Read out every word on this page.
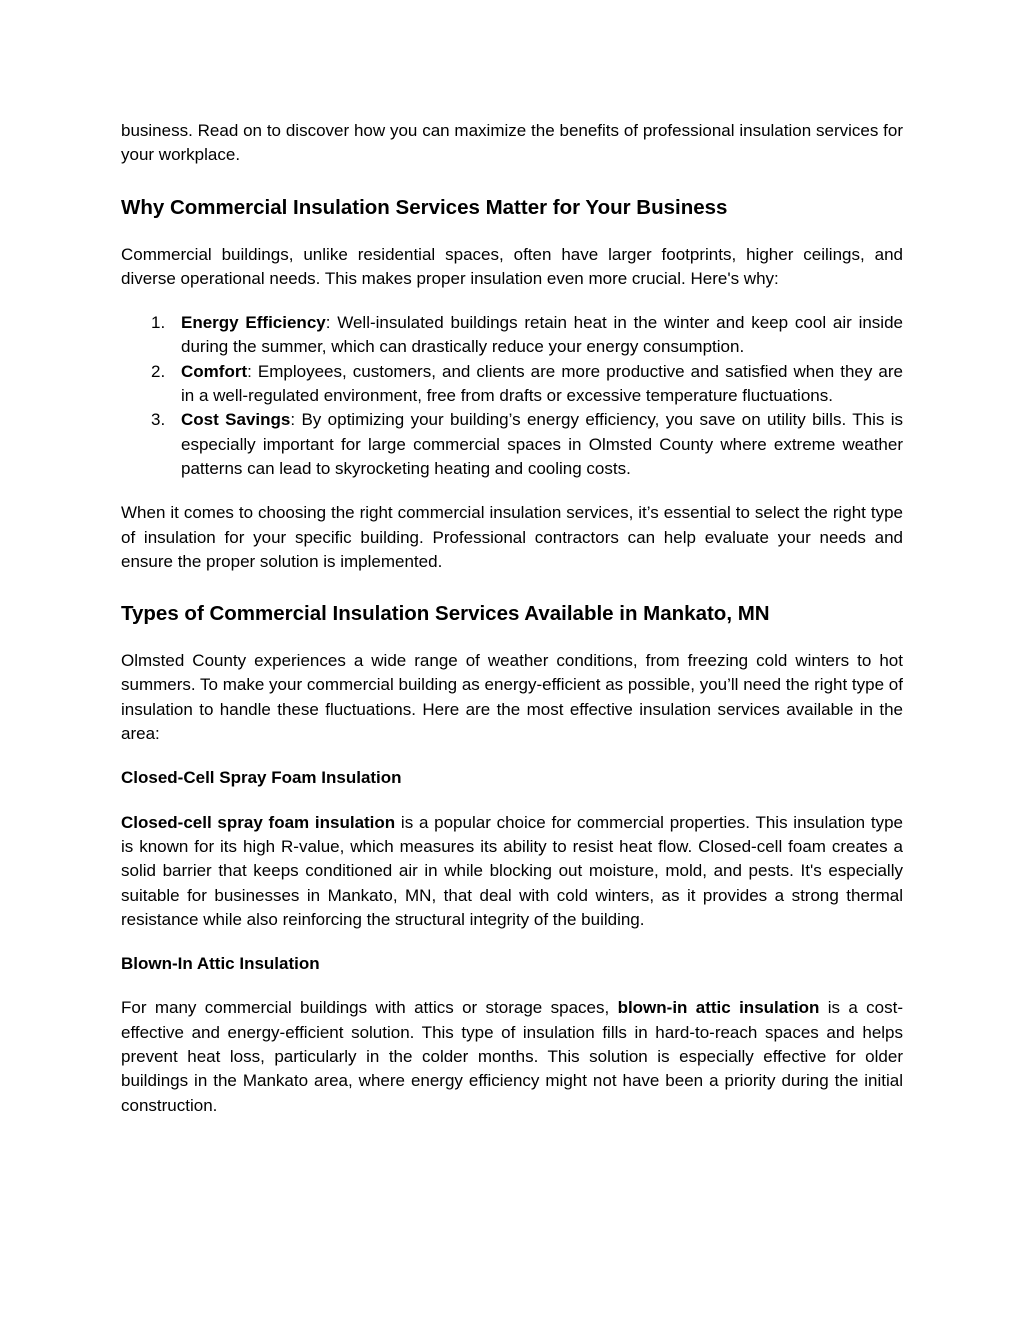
business. Read on to discover how you can maximize the benefits of professional insulation services for your workplace.

Why Commercial Insulation Services Matter for Your Business

Commercial buildings, unlike residential spaces, often have larger footprints, higher ceilings, and diverse operational needs. This makes proper insulation even more crucial. Here's why:

1. Energy Efficiency: Well-insulated buildings retain heat in the winter and keep cool air inside during the summer, which can drastically reduce your energy consumption.
2. Comfort: Employees, customers, and clients are more productive and satisfied when they are in a well-regulated environment, free from drafts or excessive temperature fluctuations.
3. Cost Savings: By optimizing your building’s energy efficiency, you save on utility bills. This is especially important for large commercial spaces in Olmsted County where extreme weather patterns can lead to skyrocketing heating and cooling costs.

When it comes to choosing the right commercial insulation services, it’s essential to select the right type of insulation for your specific building. Professional contractors can help evaluate your needs and ensure the proper solution is implemented.

Types of Commercial Insulation Services Available in Mankato, MN

Olmsted County experiences a wide range of weather conditions, from freezing cold winters to hot summers. To make your commercial building as energy-efficient as possible, you’ll need the right type of insulation to handle these fluctuations. Here are the most effective insulation services available in the area:

Closed-Cell Spray Foam Insulation

Closed-cell spray foam insulation is a popular choice for commercial properties. This insulation type is known for its high R-value, which measures its ability to resist heat flow. Closed-cell foam creates a solid barrier that keeps conditioned air in while blocking out moisture, mold, and pests. It's especially suitable for businesses in Mankato, MN, that deal with cold winters, as it provides a strong thermal resistance while also reinforcing the structural integrity of the building.

Blown-In Attic Insulation

For many commercial buildings with attics or storage spaces, blown-in attic insulation is a cost-effective and energy-efficient solution. This type of insulation fills in hard-to-reach spaces and helps prevent heat loss, particularly in the colder months. This solution is especially effective for older buildings in the Mankato area, where energy efficiency might not have been a priority during the initial construction.
